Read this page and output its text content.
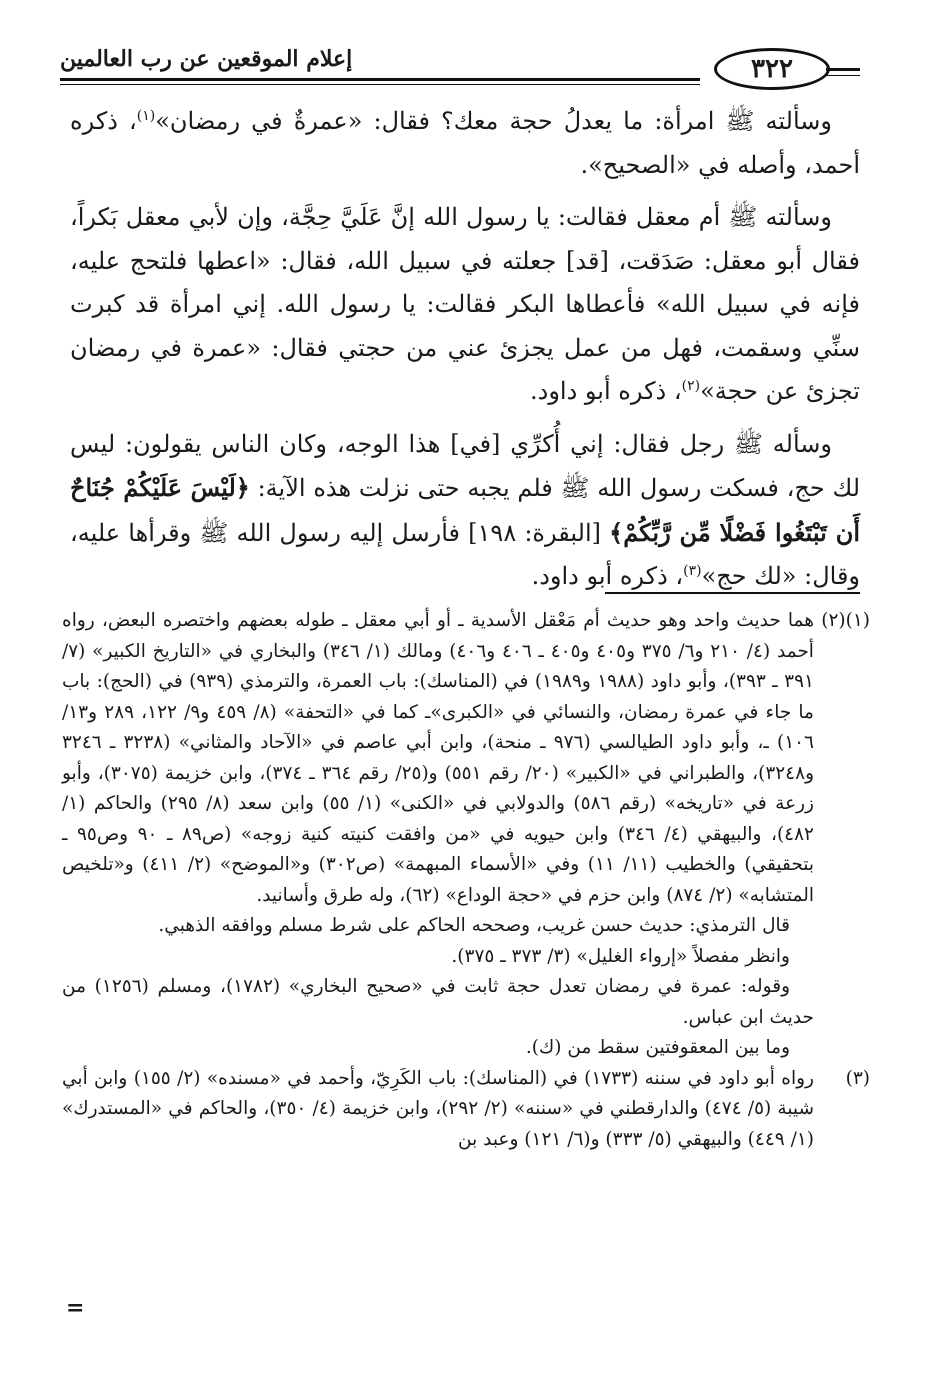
إعلام الموقعين عن رب العالمين	٣٢٢

وسألته ﷺ امرأة: ما يعدلُ حجة معك؟ فقال: «عمرةٌ في رمضان»$^{(١)}$، ذكره أحمد، وأصله في «الصحيح».

وسألته ﷺ أم معقل فقالت: يا رسول الله إنَّ عَلَيَّ حِجَّة، وإن لأبي معقل بَكراً، فقال أبو معقل: صَدَقت، [قد] جعلته في سبيل الله، فقال: «اعطها فلتحج عليه، فإنه في سبيل الله» فأعطاها البكر فقالت: يا رسول الله. إني امرأة قد كبرت سنِّي وسقمت، فهل من عمل يجزئ عني من حجتي فقال: «عمرة في رمضان تجزئ عن حجة»$^{(٢)}$، ذكره أبو داود.

وسأله ﷺ رجل فقال: إني أُكرِّي [في] هذا الوجه، وكان الناس يقولون: ليس لك حج، فسكت رسول الله ﷺ فلم يجبه حتى نزلت هذه الآية: ﴿لَيْسَ عَلَيْكُمْ جُنَاحٌ أَن تَبْتَغُوا فَضْلًا مِّن رَّبِّكُمْ﴾ [البقرة: ١٩٨] فأرسل إليه رسول الله ﷺ وقرأها عليه، وقال: «لك حج»$^{(٣)}$، ذكره أبو داود.

(١)(٢)

هما حديث واحد وهو حديث أم مَعْقل الأسدية ـ أو أبي معقل ـ طوله بعضهم واختصره البعض، رواه أحمد (٤/ ٢١٠ و٦/ ٣٧٥ و٤٠٥ و٤٠٥ ـ ٤٠٦ و٤٠٦) ومالك (١/ ٣٤٦) والبخاري في «التاريخ الكبير» (٧/ ٣٩١ ـ ٣٩٣)، وأبو داود (١٩٨٨ و١٩٨٩) في (المناسك): باب العمرة، والترمذي (٩٣٩) في (الحج): باب ما جاء في عمرة رمضان، والنسائي في «الكبرى»ـ كما في «التحفة» (٨/ ٤٥٩ و٩/ ١٢٢، ٢٨٩ و١٣/ ١٠٦) ـ، وأبو داود الطيالسي (٩٧٦ ـ منحة)، وابن أبي عاصم في «الآحاد والمثاني» (٣٢٣٨ ـ ٣٢٤٦ و٣٢٤٨)، والطبراني في «الكبير» (٢٠/ رقم ٥٥١) و(٢٥/ رقم ٣٦٤ ـ ٣٧٤)، وابن خزيمة (٣٠٧٥)، وأبو زرعة في «تاريخه» (رقم ٥٨٦) والدولابي في «الكنى» (١/ ٥٥) وابن سعد (٨/ ٢٩٥) والحاكم (١/ ٤٨٢)، والبيهقي (٤/ ٣٤٦) وابن حيويه في «من وافقت كنيته كنية زوجه» (ص٨٩ ـ ٩٠ وص٩٥ ـ بتحقيقي) والخطيب (١١/ ١١) وفي «الأسماء المبهمة» (ص٣٠٢) و«الموضح» (٢/ ٤١١) و«تلخيص المتشابه» (٢/ ٨٧٤) وابن حزم في «حجة الوداع» (٦٢)، وله طرق وأسانيد.

قال الترمذي: حديث حسن غريب، وصححه الحاكم على شرط مسلم ووافقه الذهبي.

وانظر مفصلاً «إرواء الغليل» (٣/ ٣٧٣ ـ ٣٧٥).

وقوله: عمرة في رمضان تعدل حجة ثابت في «صحيح البخاري» (١٧٨٢)، ومسلم (١٢٥٦) من حديث ابن عباس.

وما بين المعقوفتين سقط من (ك).

(٣)

رواه أبو داود في سننه (١٧٣٣) في (المناسك): باب الكَرِيّ، وأحمد في «مسنده» (٢/ ١٥٥) وابن أبي شيبة (٥/ ٤٧٤) والدارقطني في «سننه» (٢/ ٢٩٢)، وابن خزيمة (٤/ ٣٥٠)، والحاكم في «المستدرك» (١/ ٤٤٩) والبيهقي (٥/ ٣٣٣) و(٦/ ١٢١) وعبد بن

=
